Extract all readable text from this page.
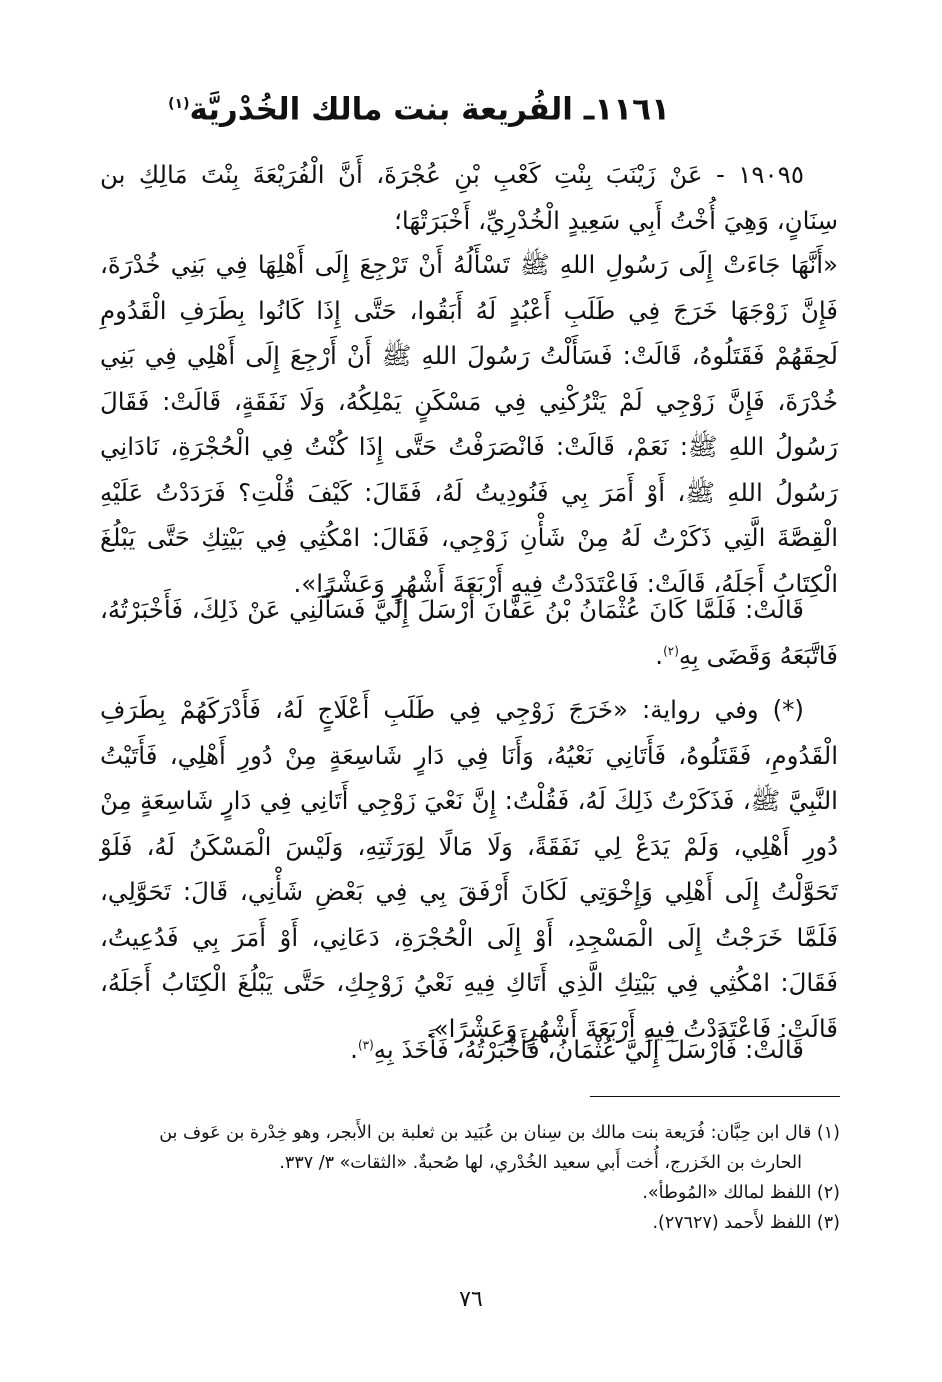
١١٦١ـ الفُريعة بنت مالك الخُدْريَّة$^{(١)}$
١٩٠٩٥ - عَنْ زَيْنَبَ بِنْتِ كَعْبِ بْنِ عُجْرَةَ، أَنَّ الْفُرَيْعَةَ بِنْتَ مَالِكِ بن سِنَانٍ، وَهِيَ أُخْتُ أَبِي سَعِيدٍ الْخُدْرِيِّ، أَخْبَرَتْهَا؛
«أَنَّهَا جَاءَتْ إِلَى رَسُولِ اللهِ ﷺ تَسْأَلُهُ أَنْ تَرْجِعَ إِلَى أَهْلِهَا فِي بَنِي خُدْرَةَ، فَإِنَّ زَوْجَهَا خَرَجَ فِي طَلَبِ أَعْبُدٍ لَهُ أَبَقُوا، حَتَّى إِذَا كَانُوا بِطَرَفِ الْقَدُومِ لَحِقَهُمْ فَقَتَلُوهُ، قَالَتْ: فَسَأَلْتُ رَسُولَ اللهِ ﷺ أَنْ أَرْجِعَ إِلَى أَهْلِي فِي بَنِي خُدْرَةَ، فَإِنَّ زَوْجِي لَمْ يَتْرُكْنِي فِي مَسْكَنٍ يَمْلِكُهُ، وَلَا نَفَقَةٍ، قَالَتْ: فَقَالَ رَسُولُ اللهِ ﷺ: نَعَمْ، قَالَتْ: فَانْصَرَفْتُ حَتَّى إِذَا كُنْتُ فِي الْحُجْرَةِ، نَادَانِي رَسُولُ اللهِ ﷺ، أَوْ أَمَرَ بِي فَنُودِيتُ لَهُ، فَقَالَ: كَيْفَ قُلْتِ؟ فَرَدَدْتُ عَلَيْهِ الْقِصَّةَ الَّتِي ذَكَرْتُ لَهُ مِنْ شَأْنِ زَوْجِي، فَقَالَ: امْكُثِي فِي بَيْتِكِ حَتَّى يَبْلُغَ الْكِتَابُ أَجَلَهُ، قَالَتْ: فَاعْتَدَدْتُ فِيهِ أَرْبَعَةَ أَشْهُرٍ وَعَشْرًا».
قَالَتْ: فَلَمَّا كَانَ عُثْمَانُ بْنُ عَفَّانَ أَرْسَلَ إِلَيَّ فَسَأَلَنِي عَنْ ذَلِكَ، فَأَخْبَرْتُهُ، فَاتَّبَعَهُ وَقَضَى بِهِ$^{(٢)}$.
(*) وفي رواية: «خَرَجَ زَوْجِي فِي طَلَبِ أَعْلَاجٍ لَهُ، فَأَدْرَكَهُمْ بِطَرَفِ الْقَدُومِ، فَقَتَلُوهُ، فَأَتَانِي نَعْيُهُ، وَأَنَا فِي دَارٍ شَاسِعَةٍ مِنْ دُورِ أَهْلِي، فَأَتَيْتُ النَّبِيَّ ﷺ، فَذَكَرْتُ ذَلِكَ لَهُ، فَقُلْتُ: إِنَّ نَعْيَ زَوْجِي أَتَانِي فِي دَارٍ شَاسِعَةٍ مِنْ دُورِ أَهْلِي، وَلَمْ يَدَعْ لِي نَفَقَةً، وَلَا مَالًا لِوَرَثَتِهِ، وَلَيْسَ الْمَسْكَنُ لَهُ، فَلَوْ تَحَوَّلْتُ إِلَى أَهْلِي وَإِخْوَتِي لَكَانَ أَرْفَقَ بِي فِي بَعْضِ شَأْنِي، قَالَ: تَحَوَّلِي، فَلَمَّا خَرَجْتُ إِلَى الْمَسْجِدِ، أَوْ إِلَى الْحُجْرَةِ، دَعَانِي، أَوْ أَمَرَ بِي فَدُعِيتُ، فَقَالَ: امْكُثِي فِي بَيْتِكِ الَّذِي أَتَاكِ فِيهِ نَعْيُ زَوْجِكِ، حَتَّى يَبْلُغَ الْكِتَابُ أَجَلَهُ، قَالَتْ: فَاعْتَدَدْتُ فِيهِ أَرْبَعَةَ أَشْهُرٍ وَعَشْرًا».
قَالَتْ: فَأَرْسَلَ إِلَيَّ عُثْمَانُ، فَأَخْبَرْتُهُ، فَأَخَذَ بِهِ$^{(٣)}$.
(١) قال ابن حِبَّان: فُرَيعة بنت مالك بن سِنان بن عُبَيد بن ثعلبة بن الأَبجر، وهو خِدْرة بن عَوف بن
الحارث بن الخَزرج، أُخت أَبي سعيد الخُدْري، لها صُحبةٌ. «الثقات» ٣/ ٣٣٧.
(٢) اللفظ لمالك «المُوطأ».
(٣) اللفظ لأَحمد (٢٧٦٢٧).
٧٦
